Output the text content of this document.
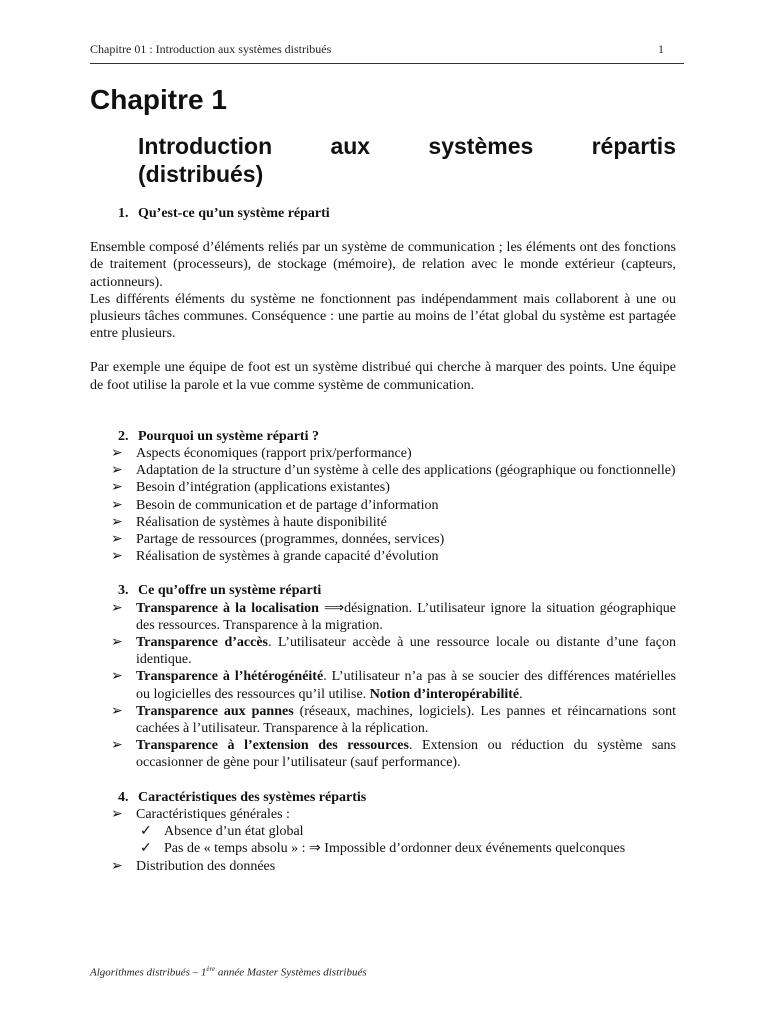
Chapitre 01 : Introduction aux systèmes distribués	1
Chapitre 1
Introduction aux systèmes répartis
(distribués)
1. Qu’est-ce qu’un système réparti

Ensemble composé d’éléments reliés par un système de communication ; les éléments ont des fonctions de traitement (processeurs), de stockage (mémoire), de relation avec le monde extérieur (capteurs, actionneurs).

Les différents éléments du système ne fonctionnent pas indépendamment mais collaborent à une ou plusieurs tâches communes. Conséquence : une partie au moins de l’état global du système est partagée entre plusieurs.

Par exemple une équipe de foot est un système distribué qui cherche à marquer des points. Une équipe de foot utilise la parole et la vue comme système de communication.

2. Pourquoi un système réparti ?
➢ Aspects économiques (rapport prix/performance)
➢ Adaptation de la structure d’un système à celle des applications (géographique ou fonctionnelle)
➢ Besoin d’intégration (applications existantes)
➢ Besoin de communication et de partage d’information
➢ Réalisation de systèmes à haute disponibilité
➢ Partage de ressources (programmes, données, services)
➢ Réalisation de systèmes à grande capacité d’évolution
3. Ce qu’offre un système réparti
➢ Transparence à la localisation ⟹désignation. L’utilisateur ignore la situation géographique des ressources. Transparence à la migration.
➢ Transparence d’accès. L’utilisateur accède à une ressource locale ou distante d’une façon identique.
➢ Transparence à l’hétérogénéité. L’utilisateur n’a pas à se soucier des différences matérielles ou logicielles des ressources qu’il utilise. Notion d’interopérabilité.
➢ Transparence aux pannes (réseaux, machines, logiciels). Les pannes et réincarnations sont cachées à l’utilisateur. Transparence à la réplication.
➢ Transparence à l’extension des ressources. Extension ou réduction du système sans occasionner de gène pour l’utilisateur (sauf performance).
4. Caractéristiques des systèmes répartis
➢ Caractéristiques générales :
✓ Absence d’un état global
✓ Pas de « temps absolu » : ⇒ Impossible d’ordonner deux événements quelconques
➢ Distribution des données
Algorithmes distribués – 1ère année Master Systèmes distribués
